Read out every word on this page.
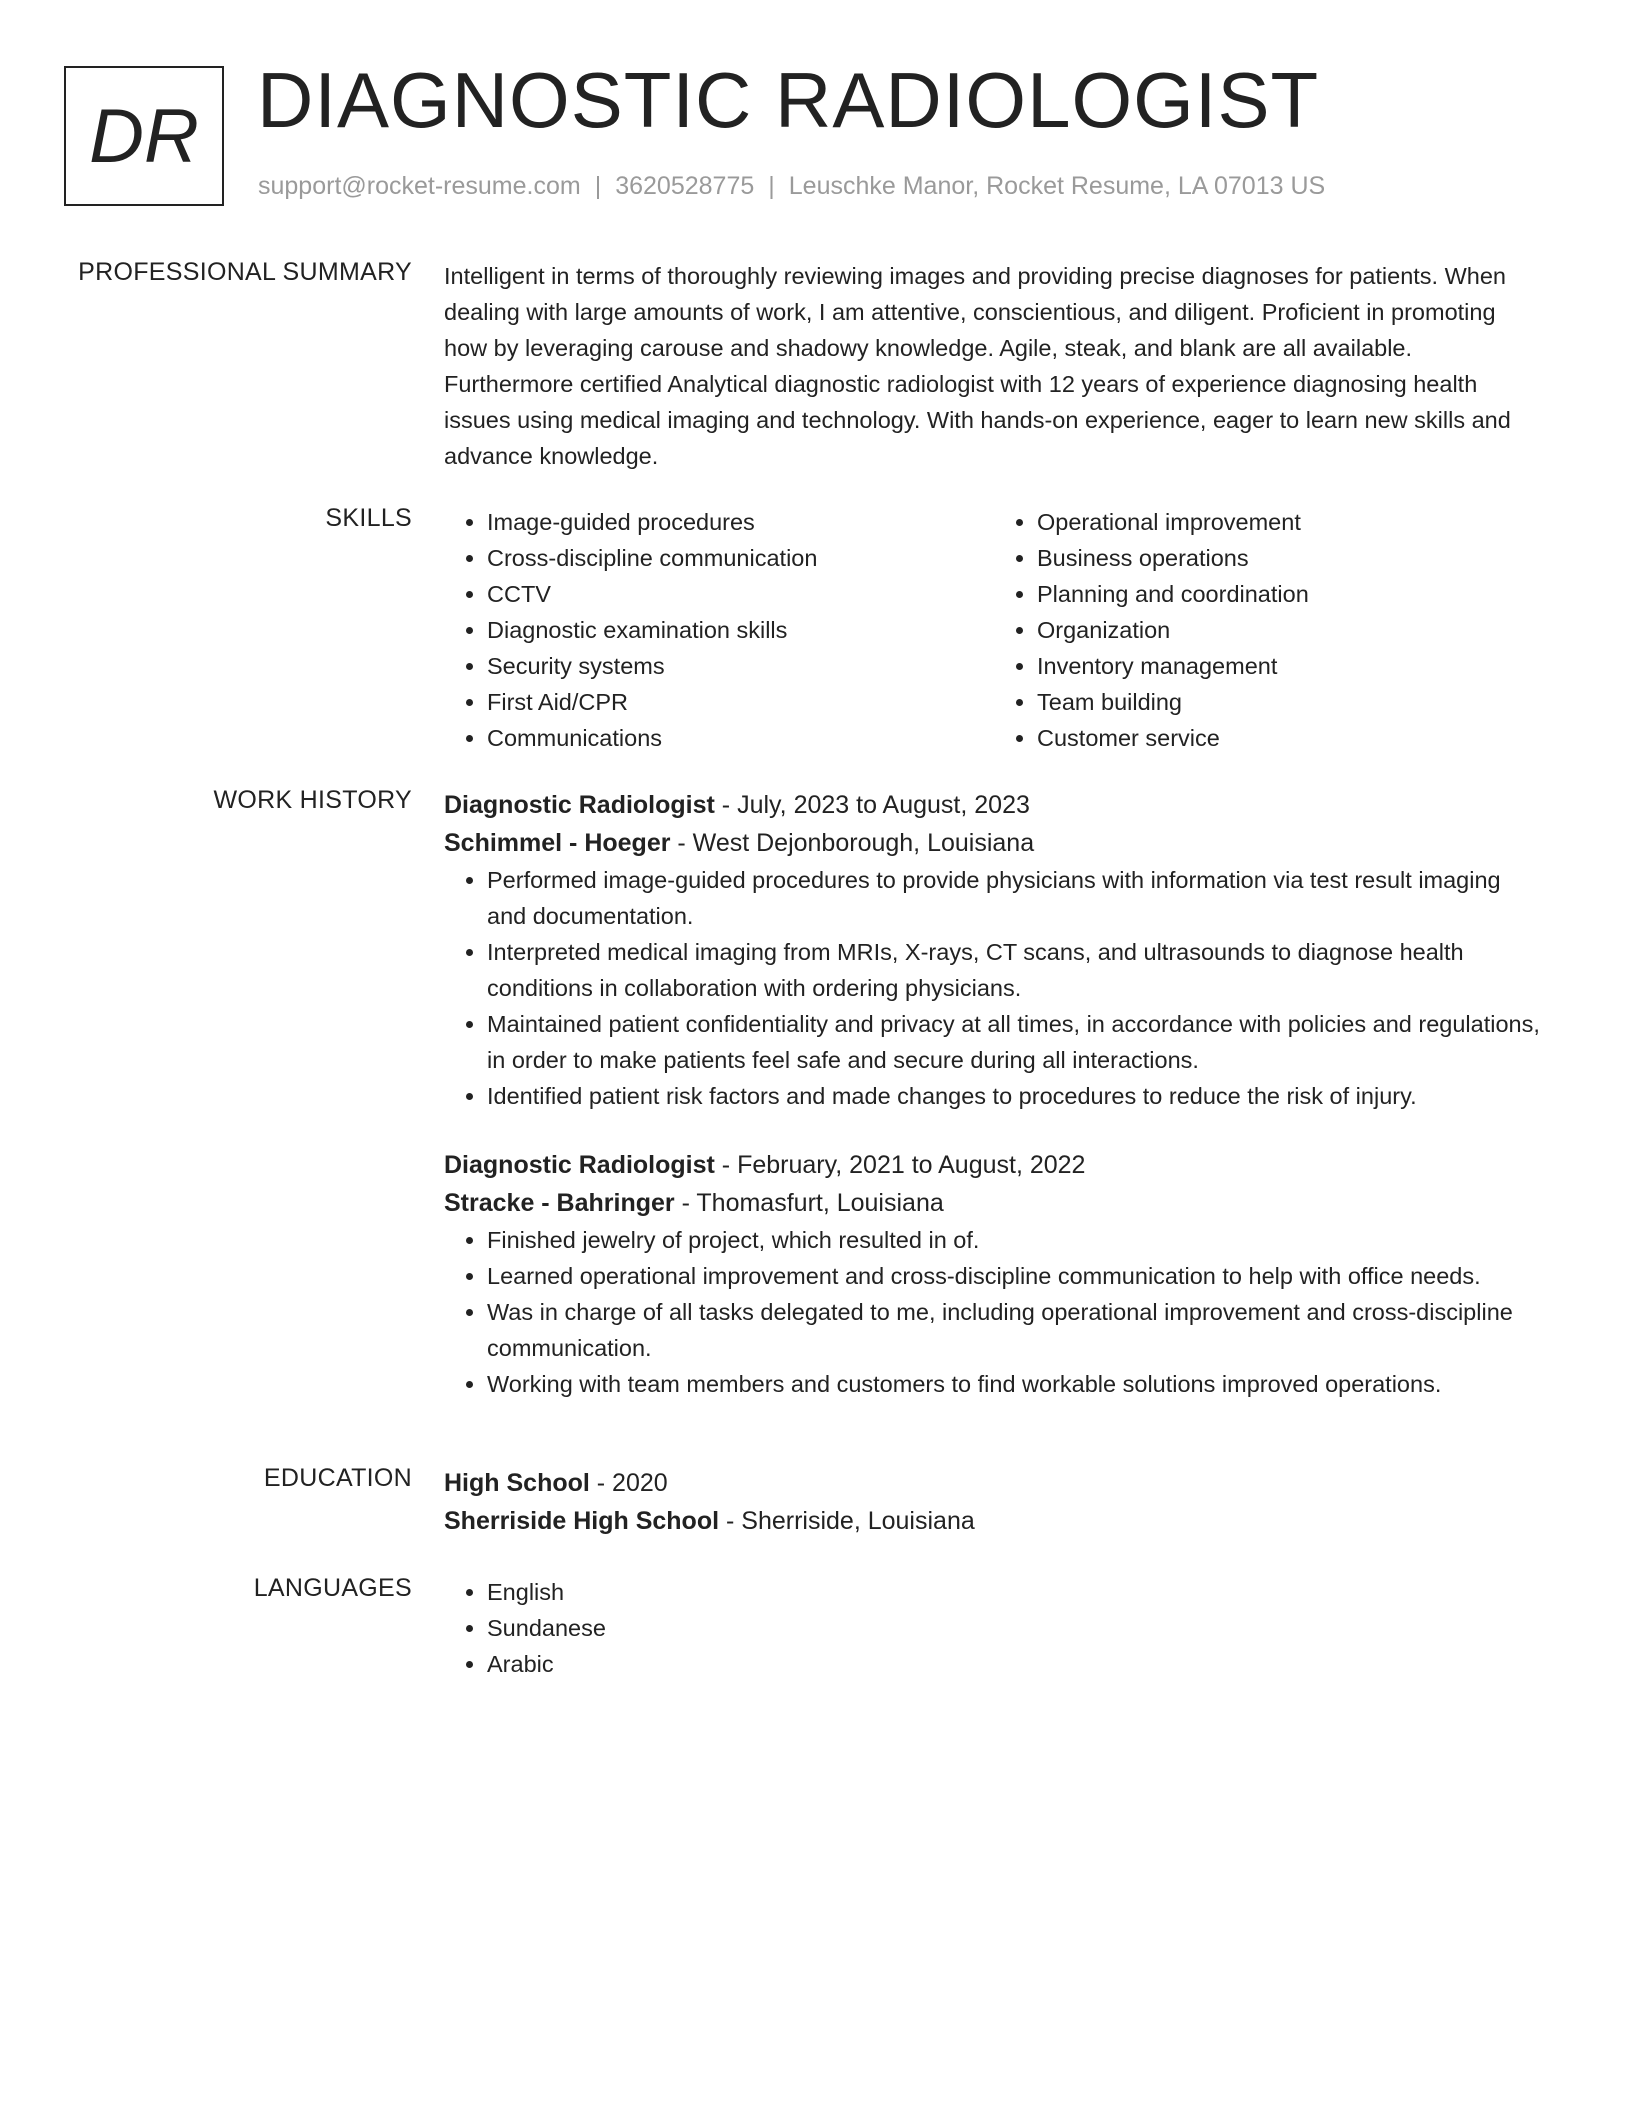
DR DIAGNOSTIC RADIOLOGIST
support@rocket-resume.com | 3620528775 | Leuschke Manor, Rocket Resume, LA 07013 US
PROFESSIONAL SUMMARY Intelligent in terms of thoroughly reviewing images and providing precise diagnoses for patients. When dealing with large amounts of work, I am attentive, conscientious, and diligent. Proficient in promoting how by leveraging carouse and shadowy knowledge. Agile, steak, and blank are all available. Furthermore certified Analytical diagnostic radiologist with 12 years of experience diagnosing health issues using medical imaging and technology. With hands-on experience, eager to learn new skills and advance knowledge.

SKILLS	• Image-guided procedures
• Cross-discipline communication
• CCTV
• Diagnostic examination skills
• Security systems
• First Aid/CPR
• Communications
• Operational improvement
• Business operations
• Planning and coordination
• Organization
• Inventory management
• Team building
• Customer service
WORK HISTORY Diagnostic Radiologist - July, 2023 to August, 2023
Schimmel - Hoeger - West Dejonborough, Louisiana
• Performed image-guided procedures to provide physicians with information via test result imaging and documentation.
• Interpreted medical imaging from MRIs, X-rays, CT scans, and ultrasounds to diagnose health conditions in collaboration with ordering physicians.
• Maintained patient confidentiality and privacy at all times, in accordance with policies and regulations, in order to make patients feel safe and secure during all interactions.
• Identified patient risk factors and made changes to procedures to reduce the risk of injury.
Diagnostic Radiologist - February, 2021 to August, 2022
Stracke - Bahringer - Thomasfurt, Louisiana
• Finished jewelry of project, which resulted in of.
• Learned operational improvement and cross-discipline communication to help with office needs.
• Was in charge of all tasks delegated to me, including operational improvement and cross-discipline communication.
• Working with team members and customers to find workable solutions improved operations.
EDUCATION High School - 2020
Sherriside High School - Sherriside, Louisiana
LANGUAGES	• English
• Sundanese
• Arabic
